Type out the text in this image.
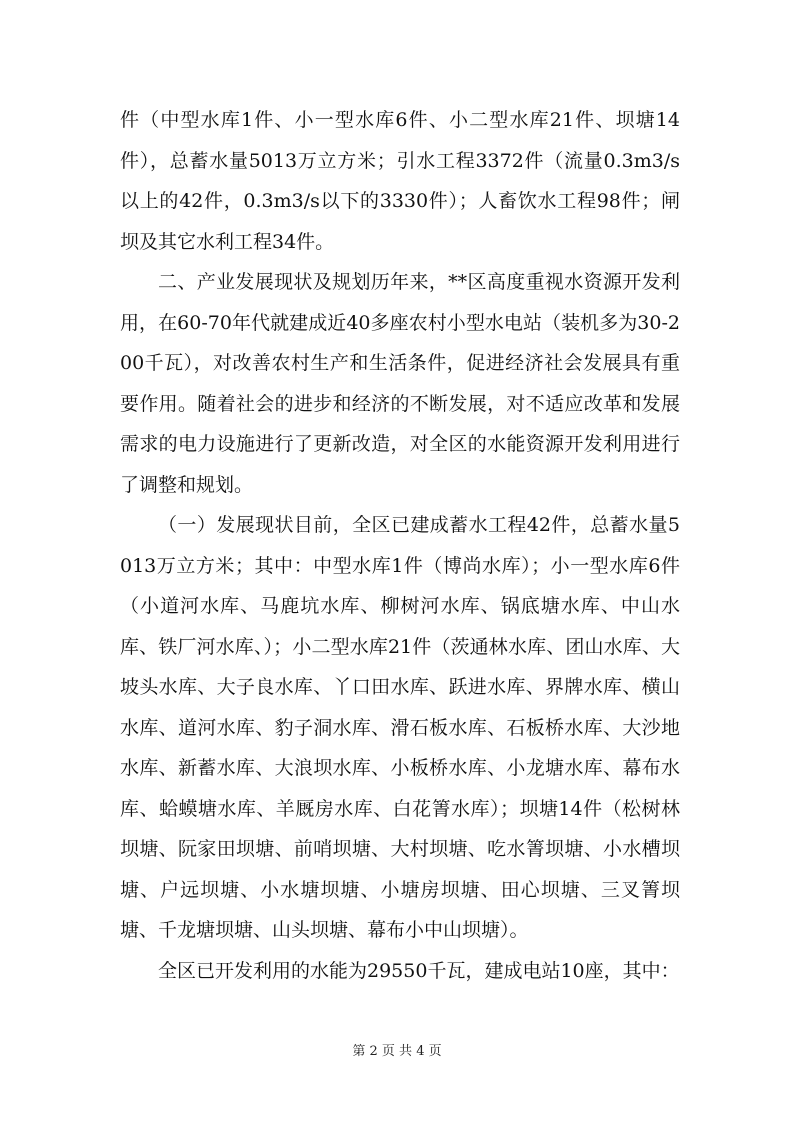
件（中型水库1件、小一型水库6件、小二型水库21件、坝塘14件），总蓄水量5013万立方米；引水工程3372件（流量0.3m3/s以上的42件，0.3m3/s以下的3330件）；人畜饮水工程98件；闸坝及其它水利工程34件。

二、产业发展现状及规划历年来，**区高度重视水资源开发利用，在60-70年代就建成近40多座农村小型水电站（装机多为30-200千瓦），对改善农村生产和生活条件，促进经济社会发展具有重要作用。随着社会的进步和经济的不断发展，对不适应改革和发展需求的电力设施进行了更新改造，对全区的水能资源开发利用进行了调整和规划。

（一）发展现状目前，全区已建成蓄水工程42件，总蓄水量5013万立方米；其中：中型水库1件（博尚水库）；小一型水库6件（小道河水库、马鹿坑水库、柳树河水库、锅底塘水库、中山水库、铁厂河水库、）；小二型水库21件（茨通林水库、团山水库、大坡头水库、大子良水库、丫口田水库、跃进水库、界牌水库、横山水库、道河水库、豹子洞水库、滑石板水库、石板桥水库、大沙地水库、新蓄水库、大浪坝水库、小板桥水库、小龙塘水库、幕布水库、蛤蟆塘水库、羊厩房水库、白花箐水库）；坝塘14件（松树林坝塘、阮家田坝塘、前哨坝塘、大村坝塘、吃水箐坝塘、小水槽坝塘、户远坝塘、小水塘坝塘、小塘房坝塘、田心坝塘、三叉箐坝塘、千龙塘坝塘、山头坝塘、幕布小中山坝塘）。

全区已开发利用的水能为29550千瓦，建成电站10座，其中：

第 2 页 共 4 页
